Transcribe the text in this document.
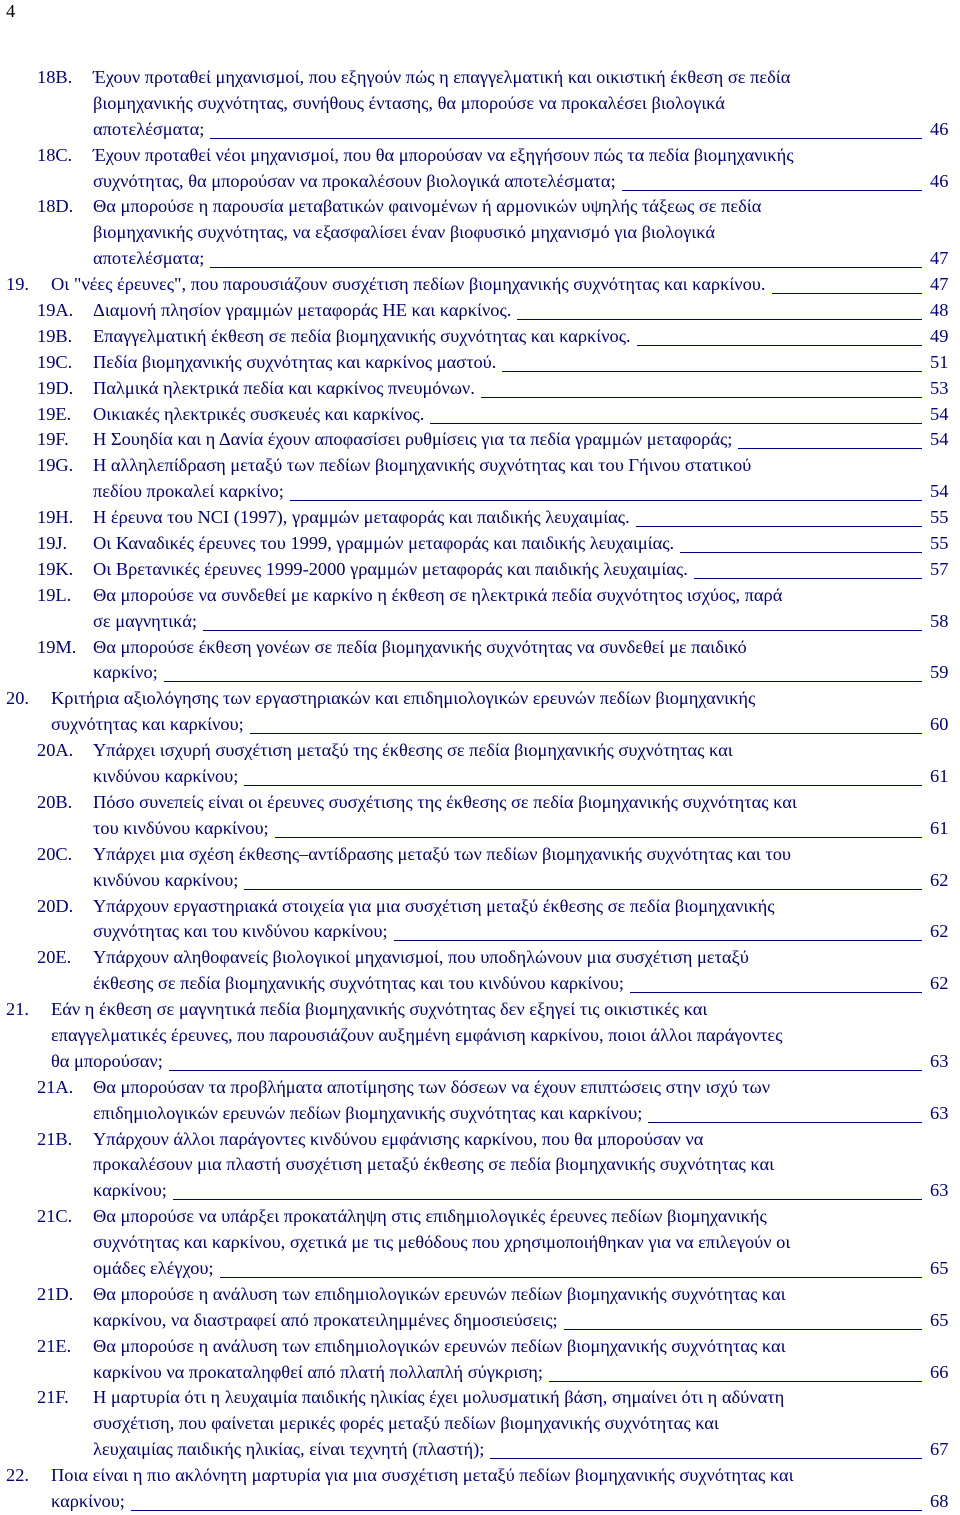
4
18B. Έχουν προταθεί μηχανισμοί, που εξηγούν πώς η επαγγελματική και οικιστική έκθεση σε πεδία
βιομηχανικής συχνότητας, συνήθους έντασης, θα μπορούσε να προκαλέσει βιολογικά
αποτελέσματα;	46
18C. Έχουν προταθεί νέοι μηχανισμοί, που θα μπορούσαν να εξηγήσουν πώς τα πεδία βιομηχανικής
συχνότητας, θα μπορούσαν να προκαλέσουν βιολογικά αποτελέσματα;	46
18D. Θα μπορούσε η παρουσία μεταβατικών φαινομένων ή αρμονικών υψηλής τάξεως σε πεδία
βιομηχανικής συχνότητας, να εξασφαλίσει έναν βιοφυσικό μηχανισμό για βιολογικά
αποτελέσματα;	47
19. Οι "νέες έρευνες", που παρουσιάζουν συσχέτιση πεδίων βιομηχανικής συχνότητας και καρκίνου.	47
19A. Διαμονή πλησίον γραμμών μεταφοράς ΗΕ και καρκίνος.	48
19B. Επαγγελματική έκθεση σε πεδία βιομηχανικής συχνότητας και καρκίνος.	49
19C. Πεδία βιομηχανικής συχνότητας και καρκίνος μαστού.	51
19D. Παλμικά ηλεκτρικά πεδία και καρκίνος πνευμόνων.	53
19E. Οικιακές ηλεκτρικές συσκευές και καρκίνος.	54
19F. Η Σουηδία και η Δανία έχουν αποφασίσει ρυθμίσεις για τα πεδία γραμμών μεταφοράς;	54
19G. Η αλληλεπίδραση μεταξύ των πεδίων βιομηχανικής συχνότητας και του Γήινου στατικού
πεδίου προκαλεί καρκίνο;	54
19H. Η έρευνα του NCI (1997), γραμμών μεταφοράς και παιδικής λευχαιμίας.	55
19J. Οι Καναδικές έρευνες του 1999, γραμμών μεταφοράς και παιδικής λευχαιμίας.	55
19K. Οι Βρετανικές έρευνες 1999-2000 γραμμών μεταφοράς και παιδικής λευχαιμίας.	57
19L. Θα μπορούσε να συνδεθεί με καρκίνο η έκθεση σε ηλεκτρικά πεδία συχνότητος ισχύος, παρά
σε μαγνητικά;	58
19M. Θα μπορούσε έκθεση γονέων σε πεδία βιομηχανικής συχνότητας να συνδεθεί με παιδικό
καρκίνο;	59
20. Κριτήρια αξιολόγησης των εργαστηριακών και επιδημιολογικών ερευνών πεδίων βιομηχανικής
συχνότητας και καρκίνου;	60
20A. Υπάρχει ισχυρή συσχέτιση μεταξύ της έκθεσης σε πεδία βιομηχανικής συχνότητας και
κινδύνου καρκίνου;	61
20B. Πόσο συνεπείς είναι οι έρευνες συσχέτισης της έκθεσης σε πεδία βιομηχανικής συχνότητας και
του κινδύνου καρκίνου;	61
20C. Υπάρχει μια σχέση έκθεσης–αντίδρασης μεταξύ των πεδίων βιομηχανικής συχνότητας και του
κινδύνου καρκίνου;	62
20D. Υπάρχουν εργαστηριακά στοιχεία για μια συσχέτιση μεταξύ έκθεσης σε πεδία βιομηχανικής
συχνότητας και του κινδύνου καρκίνου;	62
20E. Υπάρχουν αληθοφανείς βιολογικοί μηχανισμοί, που υποδηλώνουν μια συσχέτιση μεταξύ
έκθεσης σε πεδία βιομηχανικής συχνότητας και του κινδύνου καρκίνου;	62
21. Εάν η έκθεση σε μαγνητικά πεδία βιομηχανικής συχνότητας δεν εξηγεί τις οικιστικές και
επαγγελματικές έρευνες, που παρουσιάζουν αυξημένη εμφάνιση καρκίνου, ποιοι άλλοι παράγοντες
θα μπορούσαν;	63
21A. Θα μπορούσαν τα προβλήματα αποτίμησης των δόσεων να έχουν επιπτώσεις στην ισχύ των
επιδημιολογικών ερευνών πεδίων βιομηχανικής συχνότητας και καρκίνου;	63
21B. Υπάρχουν άλλοι παράγοντες κινδύνου εμφάνισης καρκίνου, που θα μπορούσαν να
προκαλέσουν μια πλαστή συσχέτιση μεταξύ έκθεσης σε πεδία βιομηχανικής συχνότητας και
καρκίνου;	63
21C. Θα μπορούσε να υπάρξει προκατάληψη στις επιδημιολογικές έρευνες πεδίων βιομηχανικής
συχνότητας και καρκίνου, σχετικά με τις μεθόδους που χρησιμοποιήθηκαν για να επιλεγούν οι
ομάδες ελέγχου;	65
21D. Θα μπορούσε η ανάλυση των επιδημιολογικών ερευνών πεδίων βιομηχανικής συχνότητας και
καρκίνου, να διαστραφεί από προκατειλημμένες δημοσιεύσεις;	65
21E. Θα μπορούσε η ανάλυση των επιδημιολογικών ερευνών πεδίων βιομηχανικής συχνότητας και
καρκίνου να προκαταληφθεί από πλατή πολλαπλή σύγκριση;	66
21F. Η μαρτυρία ότι η λευχαιμία παιδικής ηλικίας έχει μολυσματική βάση, σημαίνει ότι η αδύνατη
συσχέτιση, που φαίνεται μερικές φορές μεταξύ πεδίων βιομηχανικής συχνότητας και
λευχαιμίας παιδικής ηλικίας, είναι τεχνητή (πλαστή);	67
22. Ποια είναι η πιο ακλόνητη μαρτυρία για μια συσχέτιση μεταξύ πεδίων βιομηχανικής συχνότητας και
καρκίνου;	68
